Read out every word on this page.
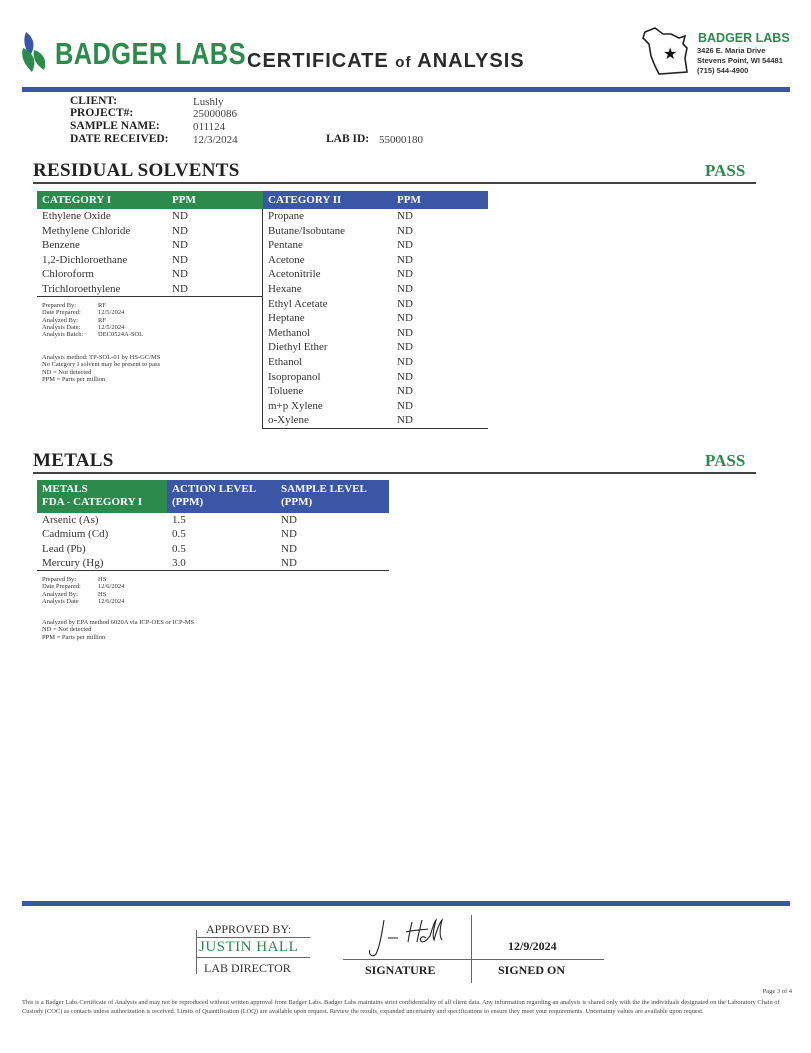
BADGER LABS CERTIFICATE of ANALYSIS	★
BADGER LABS
3426 E. Maria Drive
Stevens Point, WI 54481
(715) 544-4900
CLIENT:	Lushly
PROJECT#:	25000086
SAMPLE NAME:	011124
DATE RECEIVED: 12/3/2024	LAB ID: 55000180
RESIDUAL SOLVENTS	PASS
CATEGORY I	PPM	CATEGORY II	PPM
Ethylene Oxide	ND
Methylene Chloride	ND
Benzene	ND
1,2-Dichloroethane	ND
Chloroform	ND
Trichloroethylene	ND
Propane	ND
Butane/Isobutane	ND
Pentane	ND
Acetone	ND
Acetonitrile	ND
Hexane	ND
Ethyl Acetate	ND
Heptane	ND
Methanol	ND
Diethyl Ether	ND
Ethanol	ND
Isopropanol	ND
Toluene	ND
m+p Xylene	ND
o-Xylene	ND
Prepared By:	RF
Date Prepared:	12/5/2024
Analyzed By:	RF
Analysis Date:	12/5/2024
Analysis Batch: DEC0524A-SOL
Analysis method: TP-SOL-01 by HS-GC/MS
No Category I solvent may be present to pass
ND = Not detected
PPM = Parts per million
METALS	PASS
METALS
FDA - CATEGORY I
ACTION LEVEL
(PPM)
SAMPLE LEVEL
(PPM)
Arsenic (As)	1.5	ND
Cadmium (Cd)	0.5	ND
Lead (Pb)	0.5	ND
Mercury (Hg)	3.0	ND
Prepared By:	HS
Date Prepared:	12/6/2024
Analyzed By:	HS
Analysis Date	12/6/2024
Analyzed by EPA method 6020A via ICP-OES or ICP-MS
ND = Not detected
PPM = Parts per million
APPROVED BY:
JUSTIN HALL
LAB DIRECTOR	SIGNATURE
12/9/2024
SIGNED ON
Page 3 of 4
This is a Badger Labs Certificate of Analysis and may not be reproduced without written approval from Badger Labs. Badger Labs maintains strict confidentiality of all client data. Any information regarding an analysis is shared only with the the individuals designated on the Laboratory Chain of Custody (COC) as contacts unless authorization is received. Limits of Quantification (LOQ) are available upon request. Review the results, expanded uncertainty and specifications to ensure they meet your requirements. Uncertainty values are available upon request.
